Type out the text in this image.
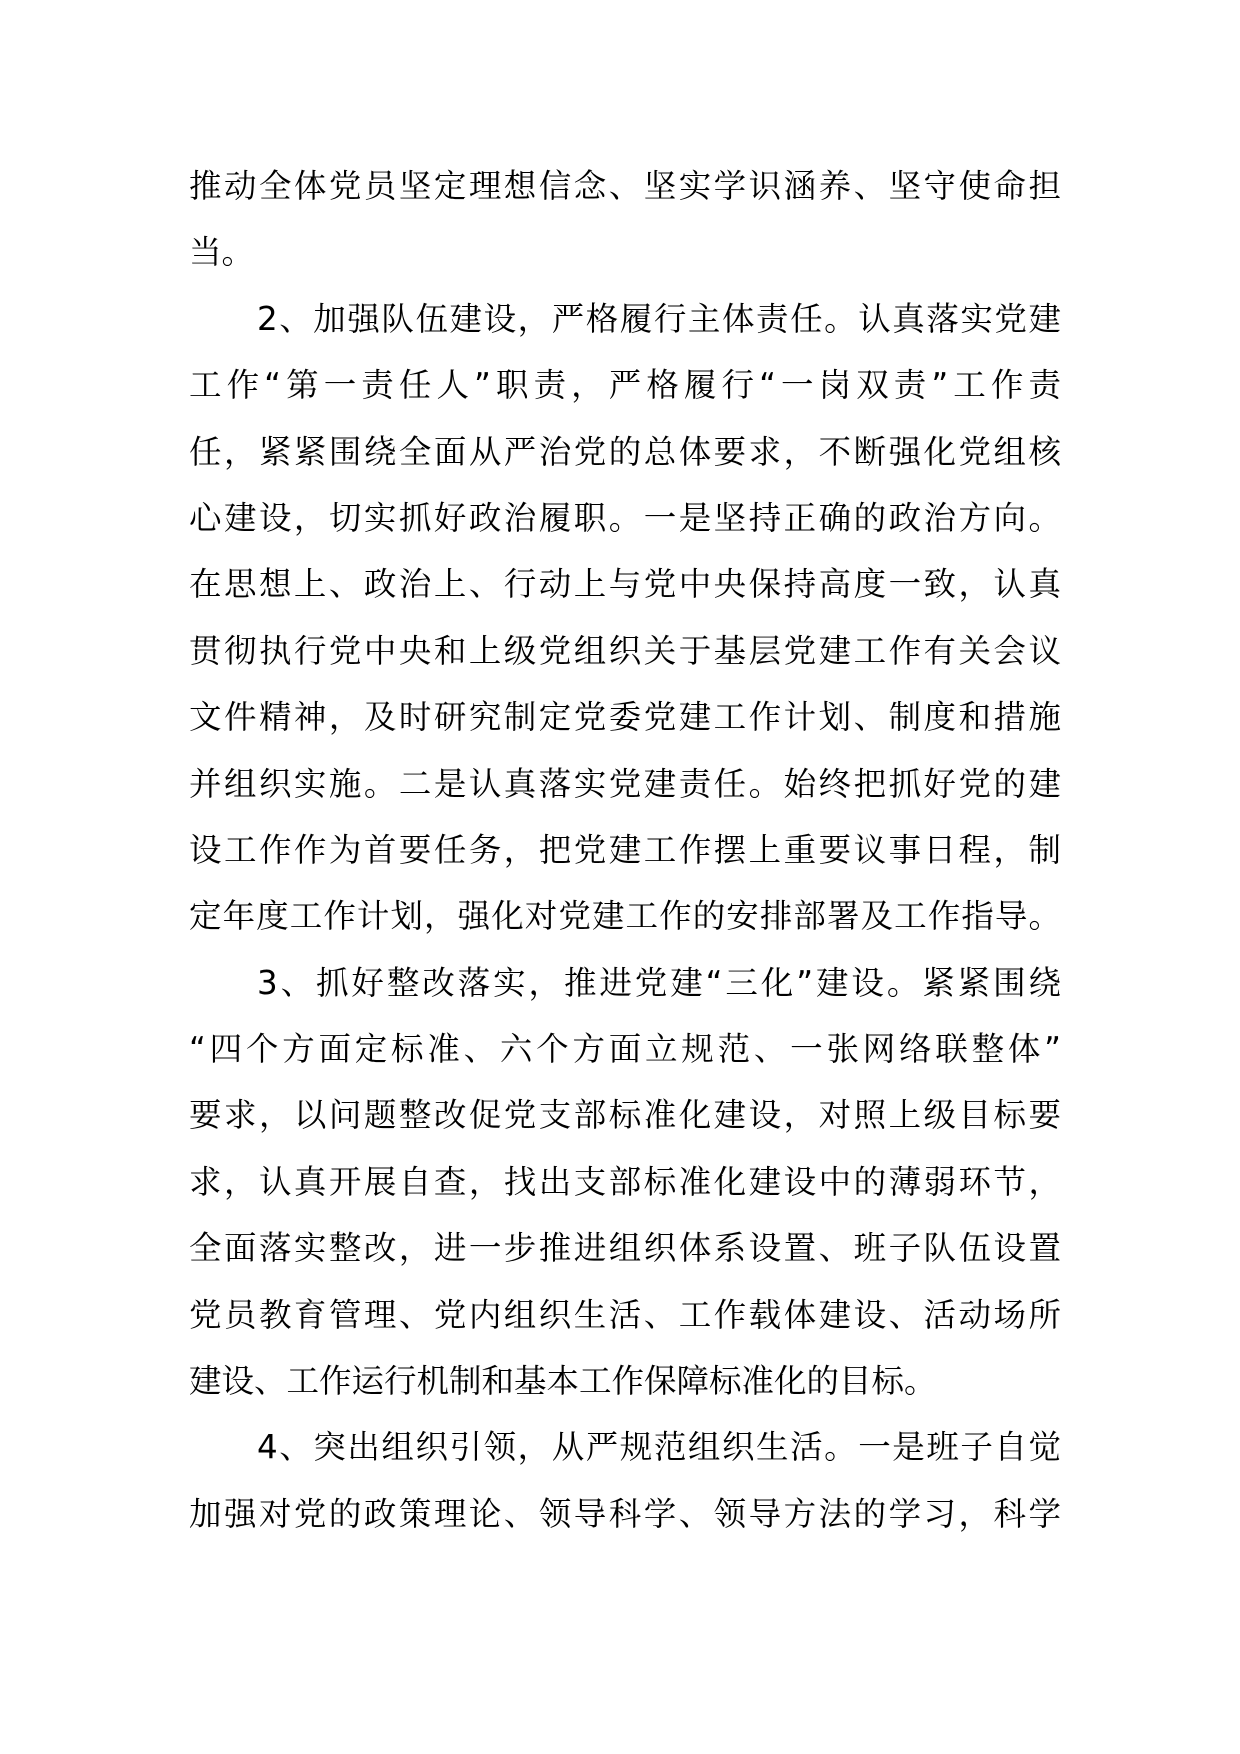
推动全体党员坚定理想信念、坚实学识涵养、坚守使命担
当。
2、加强队伍建设，严格履行主体责任。认真落实党建
工作“第一责任人”职责，严格履行“一岗双责”工作责
任，紧紧围绕全面从严治党的总体要求，不断强化党组核
心建设，切实抓好政治履职。一是坚持正确的政治方向。
在思想上、政治上、行动上与党中央保持高度一致，认真
贯彻执行党中央和上级党组织关于基层党建工作有关会议
文件精神，及时研究制定党委党建工作计划、制度和措施
并组织实施。二是认真落实党建责任。始终把抓好党的建
设工作作为首要任务，把党建工作摆上重要议事日程，制
定年度工作计划，强化对党建工作的安排部署及工作指导。
3、抓好整改落实，推进党建“三化”建设。紧紧围绕
“四个方面定标准、六个方面立规范、一张网络联整体”
要求，以问题整改促党支部标准化建设，对照上级目标要
求，认真开展自查，找出支部标准化建设中的薄弱环节，
全面落实整改，进一步推进组织体系设置、班子队伍设置
党员教育管理、党内组织生活、工作载体建设、活动场所
建设、工作运行机制和基本工作保障标准化的目标。
4、突出组织引领，从严规范组织生活。一是班子自觉
加强对党的政策理论、领导科学、领导方法的学习，科学
